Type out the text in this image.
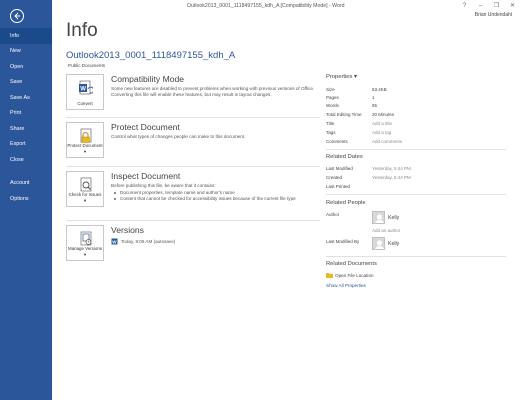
Info
New
Open
Save
Save As
Print
Share
Export
Close
Account
Options
Outlook2013_0001_1118497155_kdh_A [Compatibility Mode] - Word	?	–	❐ ✕
Brian Undendahl
Info
Outlook2013_0001_1118497155_kdh_A
Public Documents
W
Convert
Compatibility Mode
Some new features are disabled to prevent problems when working with previous versions of Office. Converting this file will enable these features, but may result in layout changes.
Protect Document ▾
Protect Document
Control what types of changes people can make to this document.
Check for Issues ▾
Inspect Document
Before publishing this file, be aware that it contains:
Document properties, template name and author's name
Content that cannot be checked for accessibility issues because of the current file type
Manage Versions ▾
Versions
W Today, 8:06 AM (autosave)
Properties ▾
Size	63.4KB
Pages	1
Words	85
Total Editing Time 20 Minutes
Title	Add a title
Tags	Add a tag
Comments	Add comments
Related Dates
Last Modified	Yesterday, 5:44 PM
Created	Yesterday, 5:44 PM
Last Printed
Related People
Author	Kelly
Add an author
Last Modified By	Kelly
Related Documents
Open File Location
Show All Properties
